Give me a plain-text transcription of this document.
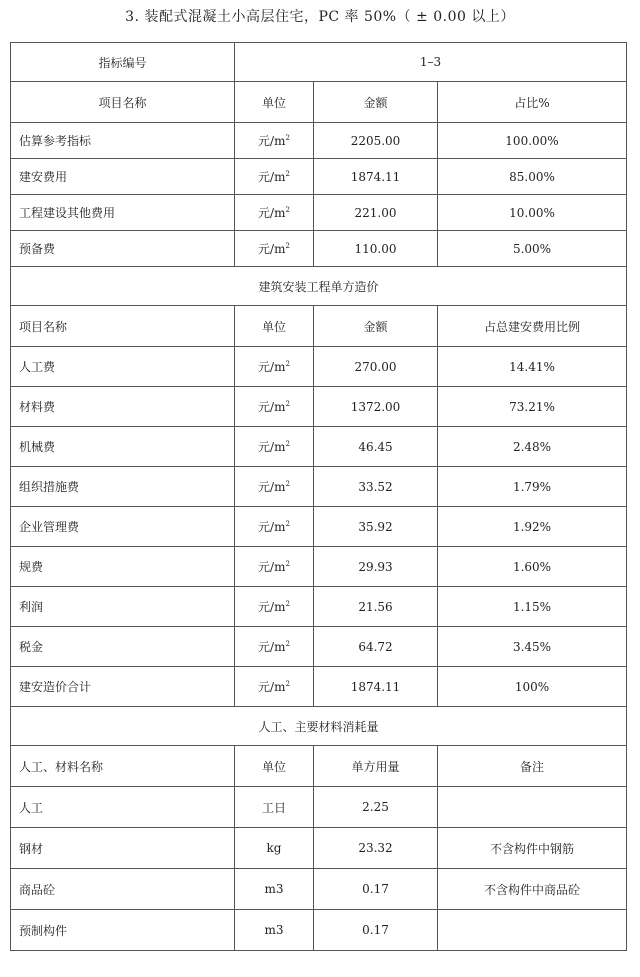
3. 装配式混凝土小高层住宅，PC 率 50%（ ± 0.00 以上）
指标编号	1–3		
项目名称	单位	金额	占比%
估算参考指标	元$/m^2$	2205.00	100.00%
建安费用	元$/m^2$	1874.11	85.00%
工程建设其他费用	元$/m^2$	221.00	10.00%
预备费	元$/m^2$	110.00	5.00%
建筑安装工程单方造价			
项目名称	单位	金额	占总建安费用比例
人工费	元$/m^2$	270.00	14.41%
材料费	元$/m^2$	1372.00	73.21%
机械费	元$/m^2$	46.45	2.48%
组织措施费	元$/m^2$	33.52	1.79%
企业管理费	元$/m^2$	35.92	1.92%
规费	元$/m^2$	29.93	1.60%
利润	元$/m^2$	21.56	1.15%
税金	元$/m^2$	64.72	3.45%
建安造价合计	元$/m^2$	1874.11	100%
人工、主要材料消耗量			
人工、材料名称	单位	单方用量	备注
人工	工日	2.25	
钢材	kg	23.32	不含构件中钢筋
商品砼	m3	0.17	不含构件中商品砼
预制构件	m3	0.17	
